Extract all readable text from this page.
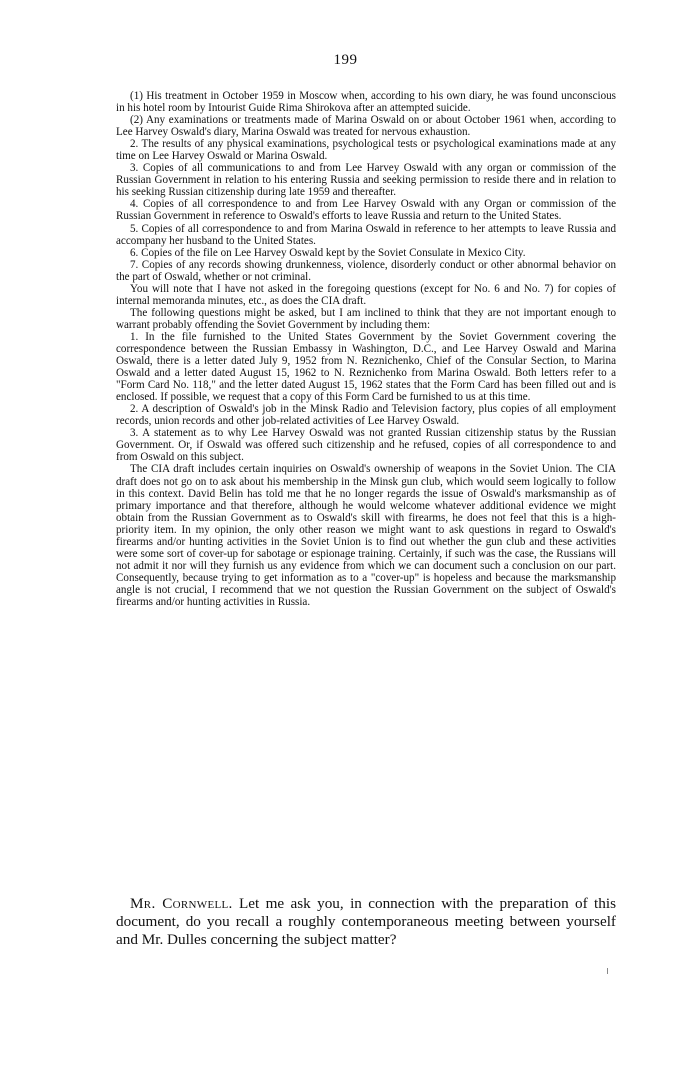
199

(1) His treatment in October 1959 in Moscow when, according to his own diary, he was found unconscious in his hotel room by Intourist Guide Rima Shirokova after an attempted suicide.

(2) Any examinations or treatments made of Marina Oswald on or about October 1961 when, according to Lee Harvey Oswald's diary, Marina Oswald was treated for nervous exhaustion.

2. The results of any physical examinations, psychological tests or psychological examinations made at any time on Lee Harvey Oswald or Marina Oswald.

3. Copies of all communications to and from Lee Harvey Oswald with any organ or commission of the Russian Government in relation to his entering Russia and seeking permission to reside there and in relation to his seeking Russian citizenship during late 1959 and thereafter.

4. Copies of all correspondence to and from Lee Harvey Oswald with any Organ or commission of the Russian Government in reference to Oswald's efforts to leave Russia and return to the United States.

5. Copies of all correspondence to and from Marina Oswald in reference to her attempts to leave Russia and accompany her husband to the United States.

6. Copies of the file on Lee Harvey Oswald kept by the Soviet Consulate in Mexico City.

7. Copies of any records showing drunkenness, violence, disorderly conduct or other abnormal behavior on the part of Oswald, whether or not criminal.

You will note that I have not asked in the foregoing questions (except for No. 6 and No. 7) for copies of internal memoranda minutes, etc., as does the CIA draft.

The following questions might be asked, but I am inclined to think that they are not important enough to warrant probably offending the Soviet Government by including them:

1. In the file furnished to the United States Government by the Soviet Government covering the correspondence between the Russian Embassy in Washington, D.C., and Lee Harvey Oswald and Marina Oswald, there is a letter dated July 9, 1952 from N. Reznichenko, Chief of the Consular Section, to Marina Oswald and a letter dated August 15, 1962 to N. Reznichenko from Marina Oswald. Both letters refer to a "Form Card No. 118," and the letter dated August 15, 1962 states that the Form Card has been filled out and is enclosed. If possible, we request that a copy of this Form Card be furnished to us at this time.

2. A description of Oswald's job in the Minsk Radio and Television factory, plus copies of all employment records, union records and other job-related activities of Lee Harvey Oswald.

3. A statement as to why Lee Harvey Oswald was not granted Russian citizenship status by the Russian Government. Or, if Oswald was offered such citizenship and he refused, copies of all correspondence to and from Oswald on this subject.

The CIA draft includes certain inquiries on Oswald's ownership of weapons in the Soviet Union. The CIA draft does not go on to ask about his membership in the Minsk gun club, which would seem logically to follow in this context. David Belin has told me that he no longer regards the issue of Oswald's marksmanship as of primary importance and that therefore, although he would welcome whatever additional evidence we might obtain from the Russian Government as to Oswald's skill with firearms, he does not feel that this is a high-priority item. In my opinion, the only other reason we might want to ask questions in regard to Oswald's firearms and/or hunting activities in the Soviet Union is to find out whether the gun club and these activities were some sort of cover-up for sabotage or espionage training. Certainly, if such was the case, the Russians will not admit it nor will they furnish us any evidence from which we can document such a conclusion on our part. Consequently, because trying to get information as to a "cover-up" is hopeless and because the marksmanship angle is not crucial, I recommend that we not question the Russian Government on the subject of Oswald's firearms and/or hunting activities in Russia.

Mr. Cornwell. Let me ask you, in connection with the preparation of this document, do you recall a roughly contemporaneous meeting between yourself and Mr. Dulles concerning the subject matter?
